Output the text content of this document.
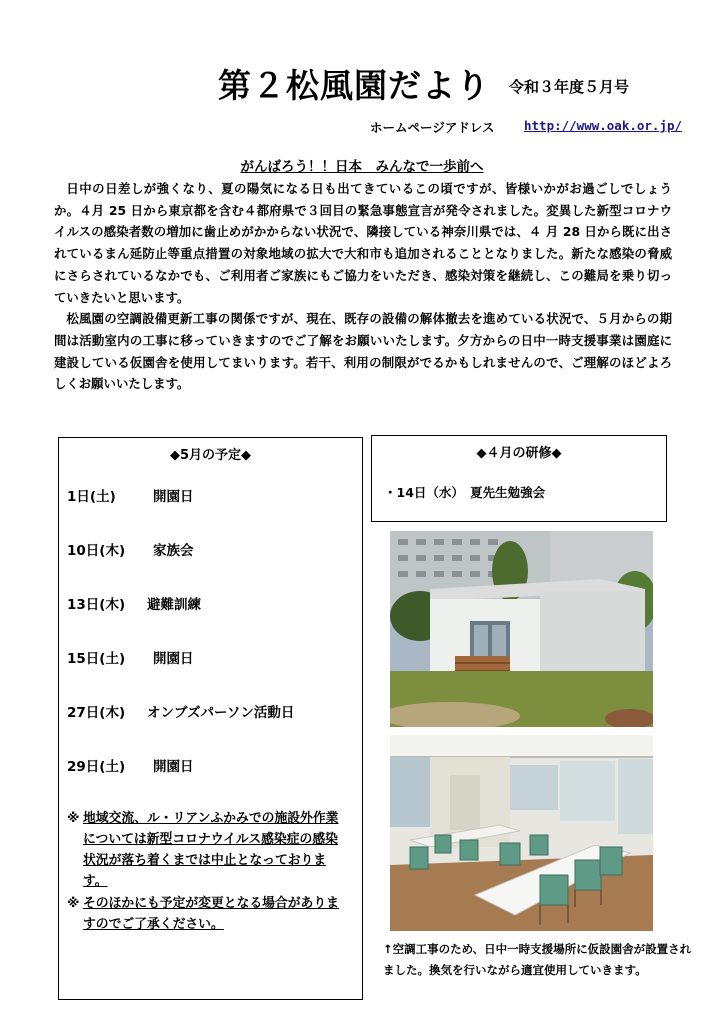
第２松風園だより 令和３年度５月号
ホームページアドレス http://www.oak.or.jp/
がんばろう！！日本　みんなで一歩前へ

日中の日差しが強くなり、夏の陽気になる日も出てきているこの頃ですが、皆様いかがお過ごしでしょうか。４月 25 日から東京都を含む４都府県で３回目の緊急事態宣言が発令されました。変異した新型コロナウイルスの感染者数の増加に歯止めがかからない状況で、隣接している神奈川県では、４ 月 28 日から既に出されているまん延防止等重点措置の対象地域の拡大で大和市も追加されることとなりました。新たな感染の脅威にさらされているなかでも、ご利用者ご家族にもご協力をいただき、感染対策を継続し、この難局を乗り切っていきたいと思います。

松風園の空調設備更新工事の関係ですが、現在、既存の設備の解体撤去を進めている状況で、５月からの期間は活動室内の工事に移っていきますのでご了解をお願いいたします。夕方からの日中一時支援事業は園庭に建設している仮園舎を使用してまいります。若干、利用の制限がでるかもしれませんので、ご理解のほどよろしくお願いいたします。

◆5月の予定◆
1日(土)	開園日
10日(木) 家族会
13日(木) 避難訓練
15日(土) 開園日
27日(木) オンブズパーソン活動日
29日(土) 開園日
※ 地域交流、ル・リアンふかみでの施設外作業
については新型コロナウイルス感染症の感染
状況が落ち着くまでは中止となっておりま
す。
※ そのほかにも予定が変更となる場合がありま
すのでご了承ください。
◆４月の研修◆
・14日（水）　夏先生勉強会
↑空調工事のため、日中一時支援場所に仮設園舎が設置されました。換気を行いながら適宜使用していきます。
